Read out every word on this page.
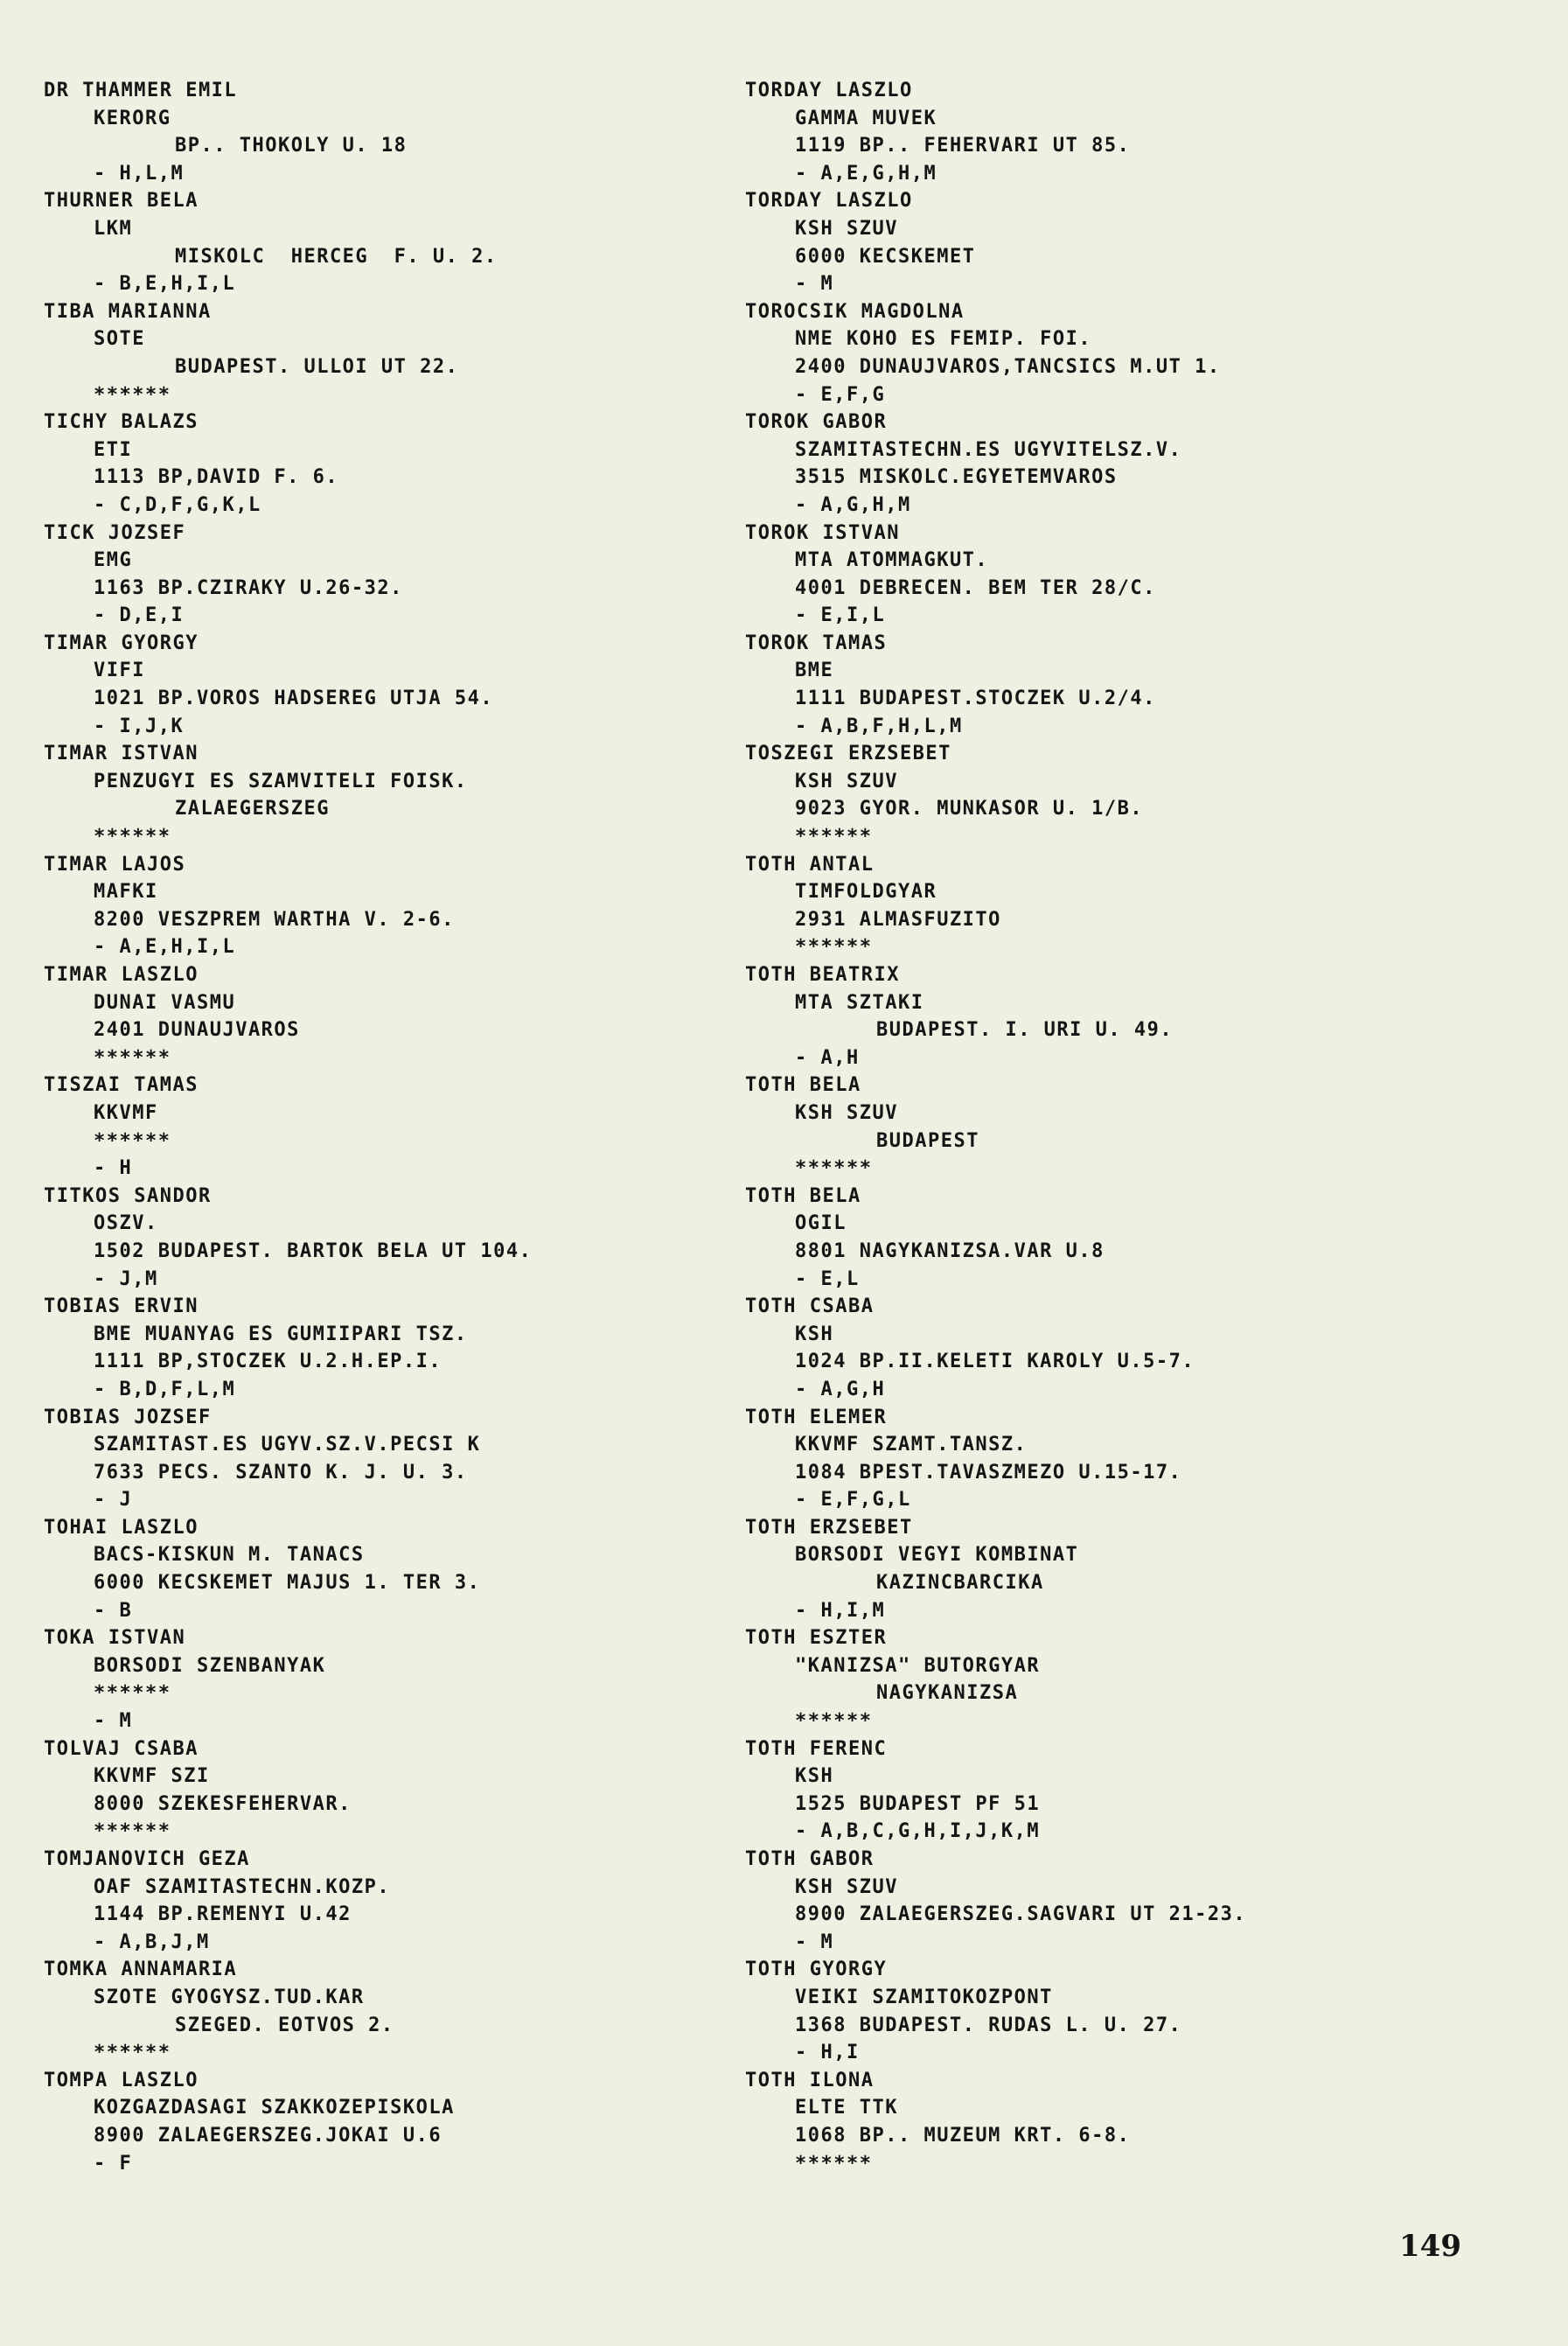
DR THAMMER EMIL
KERORG
BP.. THOKOLY U. 18
- H,L,M
THURNER BELA
LKM
MISKOLC  HERCEG  F. U. 2.
- B,E,H,I,L
TIBA MARIANNA
SOTE
BUDAPEST. ULLOI UT 22.
******
TICHY BALAZS
ETI
1113 BP,DAVID F. 6.
- C,D,F,G,K,L
TICK JOZSEF
EMG
1163 BP.CZIRAKY U.26-32.
- D,E,I
TIMAR GYORGY
VIFI
1021 BP.VOROS HADSEREG UTJA 54.
- I,J,K
TIMAR ISTVAN
PENZUGYI ES SZAMVITELI FOISK.
ZALAEGERSZEG
******
TIMAR LAJOS
MAFKI
8200 VESZPREM WARTHA V. 2-6.
- A,E,H,I,L
TIMAR LASZLO
DUNAI VASMU
2401 DUNAUJVAROS
******
TISZAI TAMAS
KKVMF
******
- H
TITKOS SANDOR
OSZV.
1502 BUDAPEST. BARTOK BELA UT 104.
- J,M
TOBIAS ERVIN
BME MUANYAG ES GUMIIPARI TSZ.
1111 BP,STOCZEK U.2.H.EP.I.
- B,D,F,L,M
TOBIAS JOZSEF
SZAMITAST.ES UGYV.SZ.V.PECSI K
7633 PECS. SZANTO K. J. U. 3.
- J
TOHAI LASZLO
BACS-KISKUN M. TANACS
6000 KECSKEMET MAJUS 1. TER 3.
- B
TOKA ISTVAN
BORSODI SZENBANYAK
******
- M
TOLVAJ CSABA
KKVMF SZI
8000 SZEKESFEHERVAR.
******
TOMJANOVICH GEZA
OAF SZAMITASTECHN.KOZP.
1144 BP.REMENYI U.42
- A,B,J,M
TOMKA ANNAMARIA
SZOTE GYOGYSZ.TUD.KAR
SZEGED. EOTVOS 2.
******
TOMPA LASZLO
KOZGAZDASAGI SZAKKOZEPISKOLA
8900 ZALAEGERSZEG.JOKAI U.6
- F
TORDAY LASZLO
GAMMA MUVEK
1119 BP.. FEHERVARI UT 85.
- A,E,G,H,M
TORDAY LASZLO
KSH SZUV
6000 KECSKEMET
- M
TOROCSIK MAGDOLNA
NME KOHO ES FEMIP. FOI.
2400 DUNAUJVAROS,TANCSICS M.UT 1.
- E,F,G
TOROK GABOR
SZAMITASTECHN.ES UGYVITELSZ.V.
3515 MISKOLC.EGYETEMVAROS
- A,G,H,M
TOROK ISTVAN
MTA ATOMMAGKUT.
4001 DEBRECEN. BEM TER 28/C.
- E,I,L
TOROK TAMAS
BME
1111 BUDAPEST.STOCZEK U.2/4.
- A,B,F,H,L,M
TOSZEGI ERZSEBET
KSH SZUV
9023 GYOR. MUNKASOR U. 1/B.
******
TOTH ANTAL
TIMFOLDGYAR
2931 ALMASFUZITO
******
TOTH BEATRIX
MTA SZTAKI
BUDAPEST. I. URI U. 49.
- A,H
TOTH BELA
KSH SZUV
BUDAPEST
******
TOTH BELA
OGIL
8801 NAGYKANIZSA.VAR U.8
- E,L
TOTH CSABA
KSH
1024 BP.II.KELETI KAROLY U.5-7.
- A,G,H
TOTH ELEMER
KKVMF SZAMT.TANSZ.
1084 BPEST.TAVASZMEZO U.15-17.
- E,F,G,L
TOTH ERZSEBET
BORSODI VEGYI KOMBINAT
KAZINCBARCIKA
- H,I,M
TOTH ESZTER
"KANIZSA" BUTORGYAR
NAGYKANIZSA
******
TOTH FERENC
KSH
1525 BUDAPEST PF 51
- A,B,C,G,H,I,J,K,M
TOTH GABOR
KSH SZUV
8900 ZALAEGERSZEG.SAGVARI UT 21-23.
- M
TOTH GYORGY
VEIKI SZAMITOKOZPONT
1368 BUDAPEST. RUDAS L. U. 27.
- H,I
TOTH ILONA
ELTE TTK
1068 BP.. MUZEUM KRT. 6-8.
******
149
